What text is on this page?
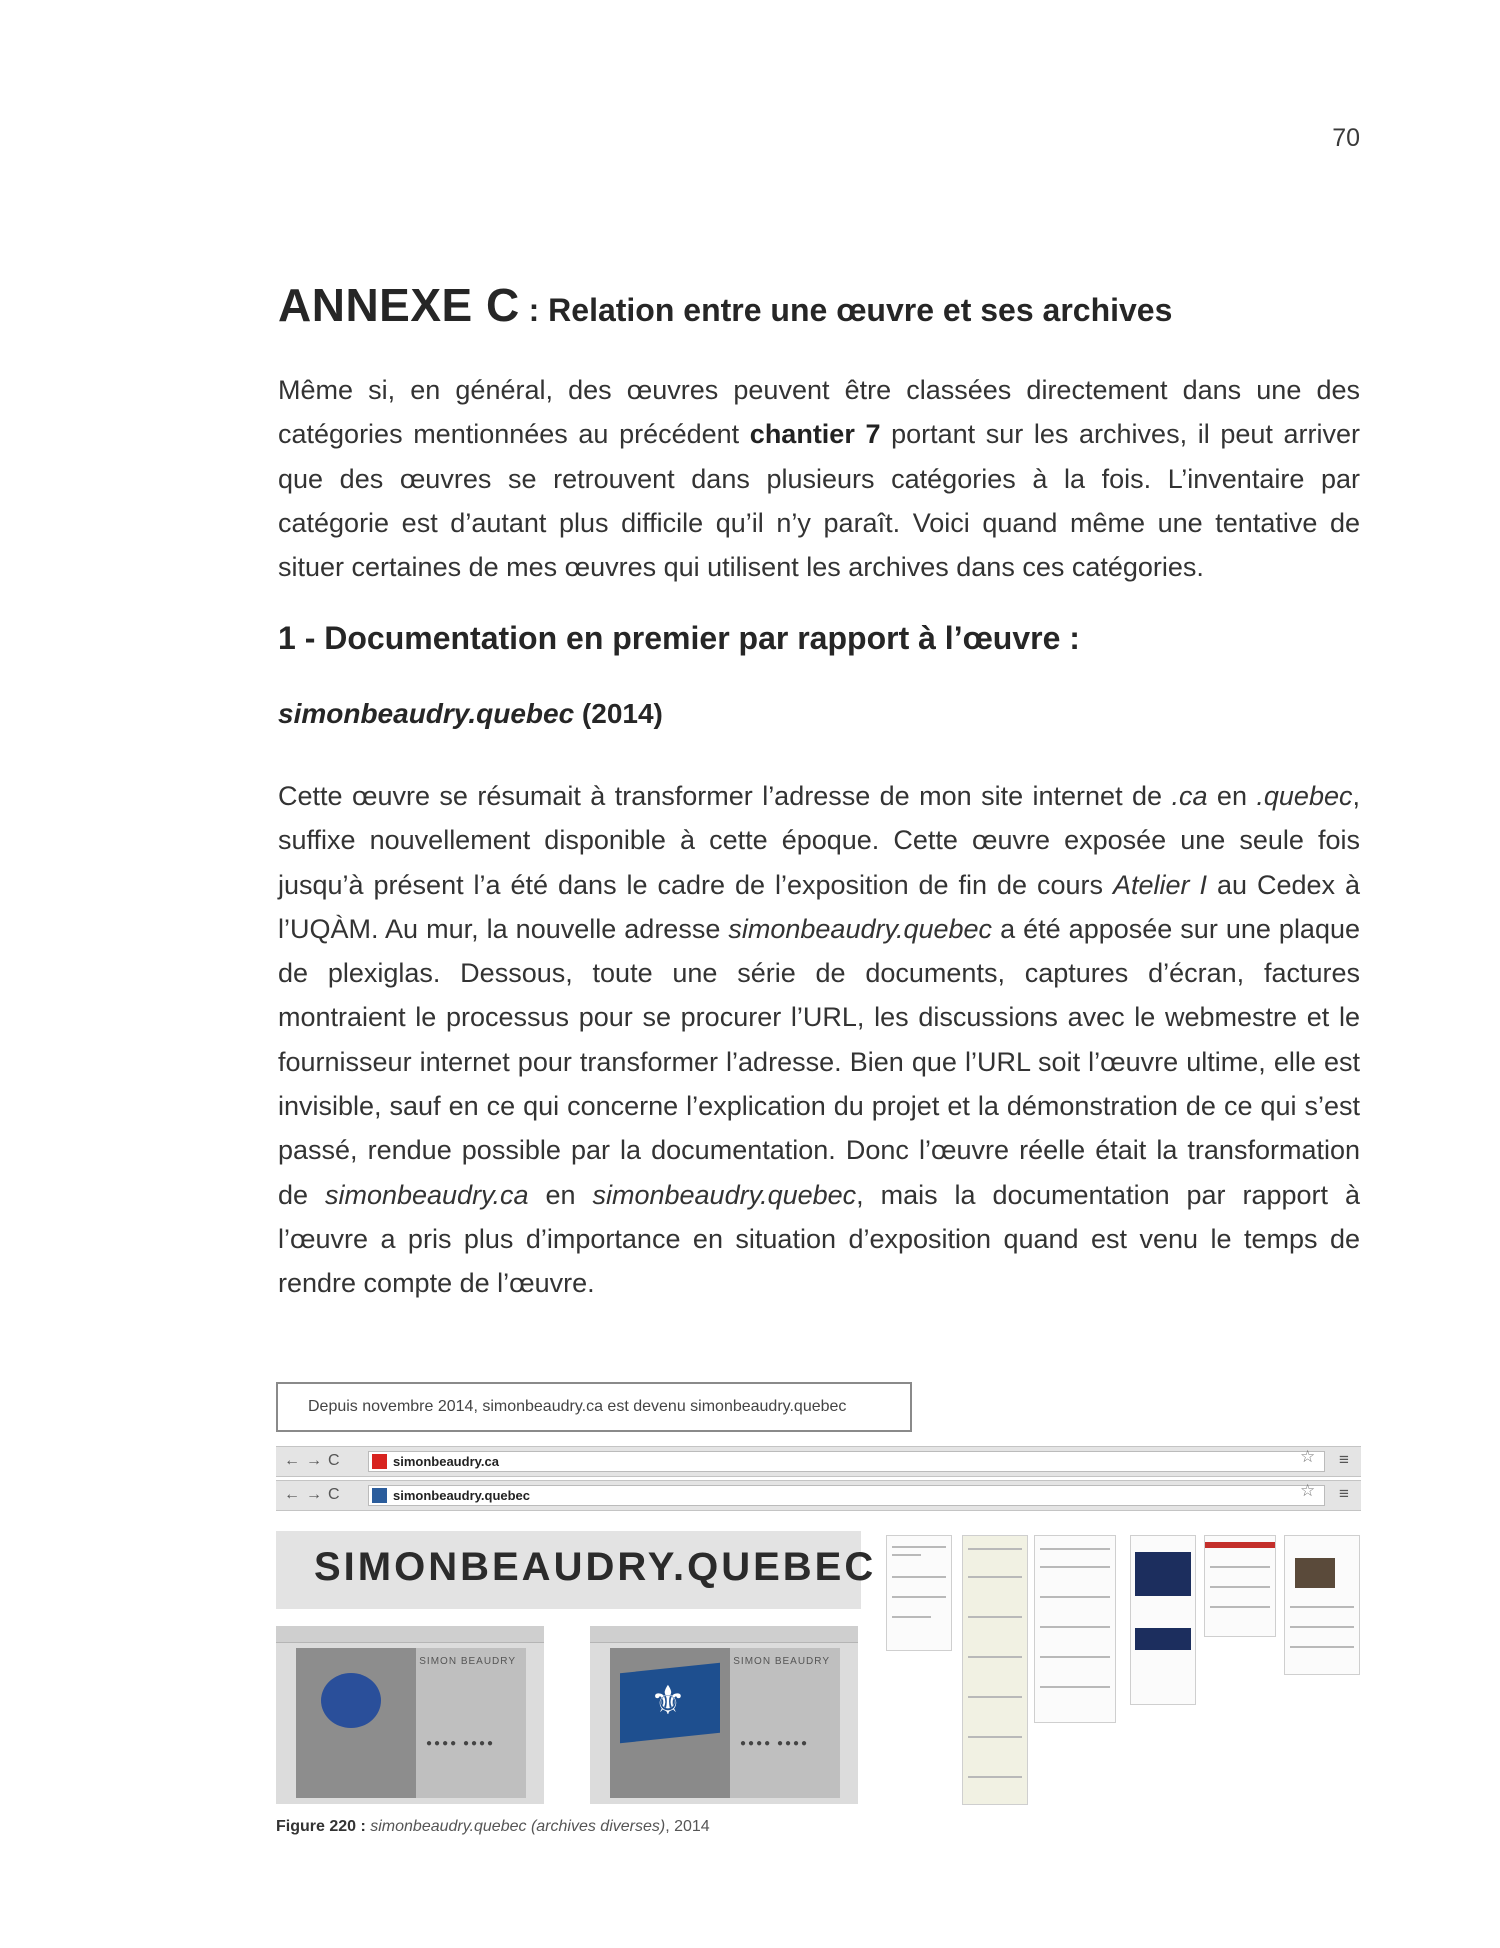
70
ANNEXE C : Relation entre une œuvre et ses archives
Même si, en général, des œuvres peuvent être classées directement dans une des catégories mentionnées au précédent chantier 7 portant sur les archives, il peut arriver que des œuvres se retrouvent dans plusieurs catégories à la fois. L’inventaire par catégorie est d’autant plus difficile qu’il n’y paraît. Voici quand même une tentative de situer certaines de mes œuvres qui utilisent les archives dans ces catégories.
1 - Documentation en premier par rapport à l’œuvre :
simonbeaudry.quebec (2014)
Cette œuvre se résumait à transformer l’adresse de mon site internet de .ca en .quebec, suffixe nouvellement disponible à cette époque. Cette œuvre exposée une seule fois jusqu’à présent l’a été dans le cadre de l’exposition de fin de cours Atelier I au Cedex à l’UQÀM. Au mur, la nouvelle adresse simonbeaudry.quebec a été apposée sur une plaque de plexiglas. Dessous, toute une série de documents, captures d’écran, factures montraient le processus pour se procurer l’URL, les discussions avec le webmestre et le fournisseur internet pour transformer l’adresse. Bien que l’URL soit l’œuvre ultime, elle est invisible, sauf en ce qui concerne l’explication du projet et la démonstration de ce qui s’est passé, rendue possible par la documentation. Donc l’œuvre réelle était la transformation de simonbeaudry.ca en simonbeaudry.quebec, mais la documentation par rapport à l’œuvre a pris plus d’importance en situation d’exposition quand est venu le temps de rendre compte de l’œuvre.
Depuis novembre 2014, simonbeaudry.ca est devenu simonbeaudry.quebec
←→C	simonbeaudry.ca	☆ ≡
←→C	simonbeaudry.quebec	☆ ≡
SIMONBEAUDRY.QUEBEC
SIMON BEAUDRY
●●●● ●●●●
⚜
SIMON BEAUDRY
●●●● ●●●●
Figure 220 : simonbeaudry.quebec (archives diverses), 2014
